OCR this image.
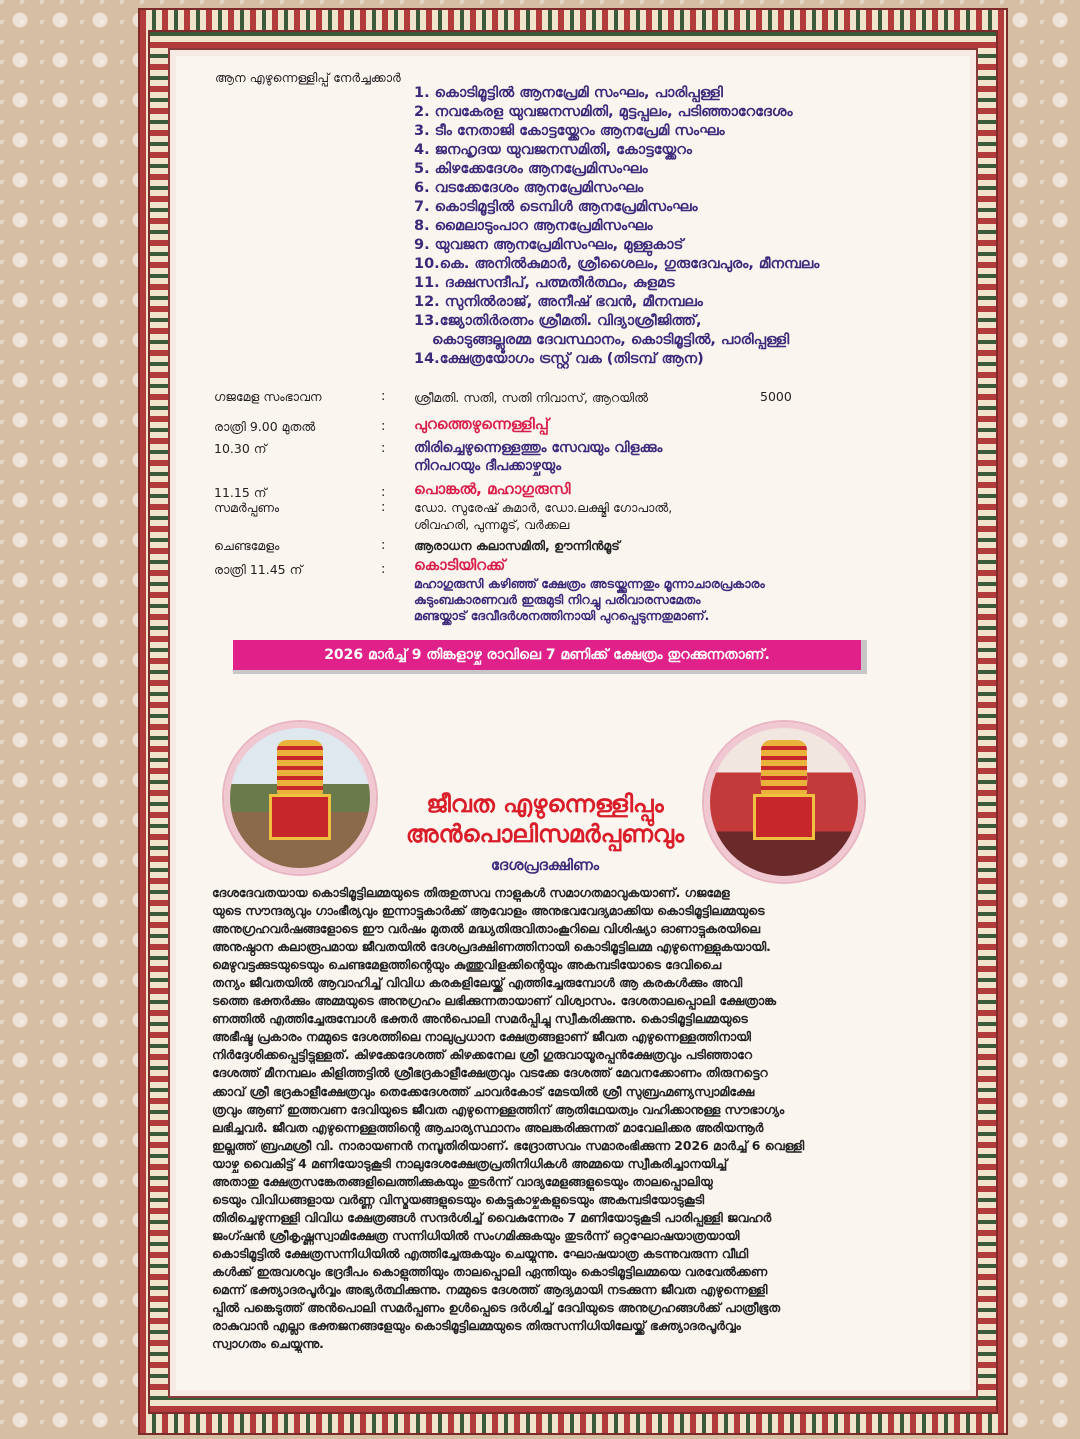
ആന എഴുന്നെള്ളിപ്പ് നേർച്ചക്കാർ
1. കൊടിമൂട്ടിൽ ആനപ്രേമി സംഘം, പാരിപ്പള്ളി
2. നവകേരള യുവജനസമിതി, മുട്ടപ്പലം, പടിഞ്ഞാറേദേശം
3. ടീം നേതാജി കോട്ടയ്ക്കേറം ആനപ്രേമി സംഘം
4. ജനഹൃദയ യുവജനസമിതി, കോട്ടയ്ക്കേറം
5. കിഴക്കേദേശം ആനപ്രേമിസംഘം
6. വടക്കേദേശം ആനപ്രേമിസംഘം
7. കൊടിമൂട്ടിൽ ടെമ്പിൾ ആനപ്രേമിസംഘം
8. മൈലാടുംപാറ ആനപ്രേമിസംഘം
9. യുവജന ആനപ്രേമിസംഘം, മുള്ളുകാട്
10.കെ. അനിൽകുമാർ, ശ്രീശൈലം, ഗുരുദേവപുരം, മീനമ്പലം
11. ദക്ഷസന്ദീപ്, പത്മതീർത്ഥം, കുളമട
12. സുനിൽരാജ്, അനീഷ് ഭവൻ, മീനമ്പലം
13.ജ്യോതിർരത്നം ശ്രീമതി. വിദ്യാശ്രീജിത്ത്,
കൊടുങ്ങല്ലൂരമ്മ ദേവസ്ഥാനം, കൊടിമൂട്ടിൽ, പാരിപ്പള്ളി
14.ക്ഷേത്രയോഗം ട്രസ്റ്റ് വക (തിടമ്പ് ആന)
ഗജമേള സംഭാവന	: ശ്രീമതി. സതി, സതി നിവാസ്, ആറയിൽ	5000
രാത്രി 9.00 മുതൽ	: പുറത്തെഴുന്നെള്ളിപ്പ്
10.30 ന്	: തിരിച്ചെഴുന്നെള്ളത്തും സേവയും വിളക്കും
നിറപറയും ദീപക്കാഴ്ചയും
11.15 ന്	: പൊങ്കൽ, മഹാഗുരുസി
സമർപ്പണം	: ഡോ. സുരേഷ് കുമാർ, ഡോ.ലക്ഷ്മി ഗോപാൽ,
ശിവഹരി, പുന്നമൂട്, വർക്കല
ചെണ്ടമേളം	: ആരാധന കലാസമിതി, ഊന്നിൻമൂട്
രാത്രി 11.45 ന്	: കൊടിയിറക്ക്
മഹാഗുരുസി കഴിഞ്ഞ് ക്ഷേത്രം അടയ്ക്കുന്നതും മൂന്നാചാരപ്രകാരം
കുടുംബകാരണവർ ഇരുമുടി നിറച്ചു പരിവാരസമേതം
മണ്ടയ്ക്കാട് ദേവീദർശനത്തിനായി പുറപ്പെടുന്നതുമാണ്.
2026 മാർച്ച് 9 തിങ്കളാഴ്ച രാവിലെ 7 മണിക്ക് ക്ഷേത്രം തുറക്കുന്നതാണ്.
ജീവത എഴുന്നെള്ളിപ്പും
അൻപൊലിസമർപ്പണവും
ദേശപ്രദക്ഷിണം
ദേശദേവതയായ കൊടിമൂട്ടിലമ്മയുടെ തിരുഉത്സവ നാളുകൾ സമാഗതമാവുകയാണ്. ഗജമേള
യുടെ സൗന്ദര്യവും ഗാംഭീര്യവും ഇന്നാട്ടുകാർക്ക് ആവോളം അനുഭവവേദ്യമാക്കിയ കൊടിമൂട്ടിലമ്മയുടെ
അനുഗ്രഹവർഷങ്ങളോടെ ഈ വർഷം മുതൽ മദ്ധ്യതിരുവിതാംകൂറിലെ വിശിഷ്യാ ഓണാട്ടുകരയിലെ
അനുഷ്ഠാന കലാരൂപമായ ജീവതയിൽ ദേശപ്രദക്ഷിണത്തിനായി കൊടിമൂട്ടിലമ്മ എഴുന്നെള്ളുകയായി.
മെഴുവട്ടക്കുടയുടെയും ചെണ്ടമേളത്തിന്റെയും കുത്തുവിളക്കിന്റെയും അകമ്പടിയോടെ ദേവിചൈ
തന്യം ജീവതയിൽ ആവാഹിച്ച് വിവിധ കരകളിലേയ്ക്ക് എത്തിച്ചേരുമ്പോൾ ആ കരകൾക്കും അവി
ടത്തെ ഭക്തർക്കും അമ്മയുടെ അനുഗ്രഹം ലഭിക്കുന്നതായാണ് വിശ്വാസം. ദേശതാലപ്പൊലി ക്ഷേത്രാങ്ക
ണത്തിൽ എത്തിച്ചേരുമ്പോൾ ഭക്തർ അൻപൊലി സമർപ്പിച്ചു സ്വീകരിക്കുന്നു. കൊടിമൂട്ടിലമ്മയുടെ
അഭീഷ്ട പ്രകാരം നമ്മുടെ ദേശത്തിലെ നാലുപ്രധാന ക്ഷേത്രങ്ങളാണ് ജീവത എഴുന്നെള്ളത്തിനായി
നിർദ്ദേശിക്കപ്പെട്ടിട്ടുള്ളത്. കിഴക്കേദേശത്ത് കിഴക്കനേല ശ്രീ ഗുരുവായൂരപ്പൻക്ഷേത്രവും പടിഞ്ഞാറേ
ദേശത്ത് മീനമ്പലം കിളിത്തട്ടിൽ ശ്രീഭദ്രകാളീക്ഷേത്രവും വടക്കേ ദേശത്ത് മേവനക്കോണം തിരുനട്ടെറ
ക്കാവ് ശ്രീ ഭദ്രകാളീക്ഷേത്രവും തെക്കേദേശത്ത് ചാവർകോട് മേടയിൽ ശ്രീ സുബ്രഹ്മണ്യസ്വാമിക്ഷേ
ത്രവും ആണ് ഇത്തവണ ദേവിയുടെ ജീവത എഴുന്നെള്ളത്തിന് ആതിഥേയത്വം വഹിക്കാനുള്ള സൗഭാഗ്യം
ലഭിച്ചവർ. ജീവത എഴുന്നെള്ളത്തിന്റെ ആചാര്യസ്ഥാനം അലങ്കരിക്കുന്നത് മാവേലിക്കര അരിയന്നൂർ
ഇല്ലത്ത് ബ്രഹ്മശ്രീ വി. നാരായണൻ നമ്പൂതിരിയാണ്. ഭദ്രോത്സവം സമാരംഭിക്കുന്ന 2026 മാർച്ച് 6 വെള്ളി
യാഴ്ച വൈകിട്ട് 4 മണിയോടുകൂടി നാലുദേശക്ഷേത്രപ്രതിനിധികൾ അമ്മയെ സ്വീകരിച്ചാനയിച്ച്
അതാതു ക്ഷേത്രസങ്കേതങ്ങളിലെത്തിക്കുകയും തുടർന്ന് വാദ്യമേളങ്ങളുടെയും താലപ്പൊലിയു
ടെയും വിവിധങ്ങളായ വർണ്ണ വിസ്മയങ്ങളുടെയും കെട്ടുകാഴ്ചകളുടെയും അകമ്പടിയോടുകൂടി
തിരിച്ചെഴുന്നള്ളി വിവിധ ക്ഷേത്രങ്ങൾ സന്ദർശിച്ച് വൈകുന്നേരം 7 മണിയോടുകൂടി പാരിപ്പള്ളി ജവഹർ
ജംഗ്ഷൻ ശ്രീകൃഷ്ണസ്വാമിക്ഷേത്ര സന്നിധിയിൽ സംഗമിക്കുകയും തുടർന്ന് ഒറ്റഘോഷയാത്രയായി
കൊടിമൂട്ടിൽ ക്ഷേത്രസന്നിധിയിൽ എത്തിച്ചേരുകയും ചെയ്യുന്നു. ഘോഷയാത്ര കടന്നുവരുന്ന വീഥി
കൾക്ക് ഇരുവശവും ഭദ്രദീപം കൊളുത്തിയും താലപ്പൊലി ഏന്തിയും കൊടിമൂട്ടിലമ്മയെ വരവേൽക്കണ
മെന്ന് ഭക്ത്യാദരപൂർവ്വം അഭ്യർത്ഥിക്കുന്നു. നമ്മുടെ ദേശത്ത് ആദ്യമായി നടക്കുന്ന ജീവത എഴുന്നെള്ളി
പ്പിൽ പങ്കെടുത്ത് അൻപൊലി സമർപ്പണം ഉൾപ്പെടെ ദർശിച്ച് ദേവിയുടെ അനുഗ്രഹങ്ങൾക്ക് പാത്രീഭൂത
രാകുവാൻ എല്ലാ ഭക്തജനങ്ങളേയും കൊടിമൂട്ടിലമ്മയുടെ തിരുസന്നിധിയിലേയ്ക്ക് ഭക്ത്യാദരപൂർവ്വം
സ്വാഗതം ചെയ്യുന്നു.
